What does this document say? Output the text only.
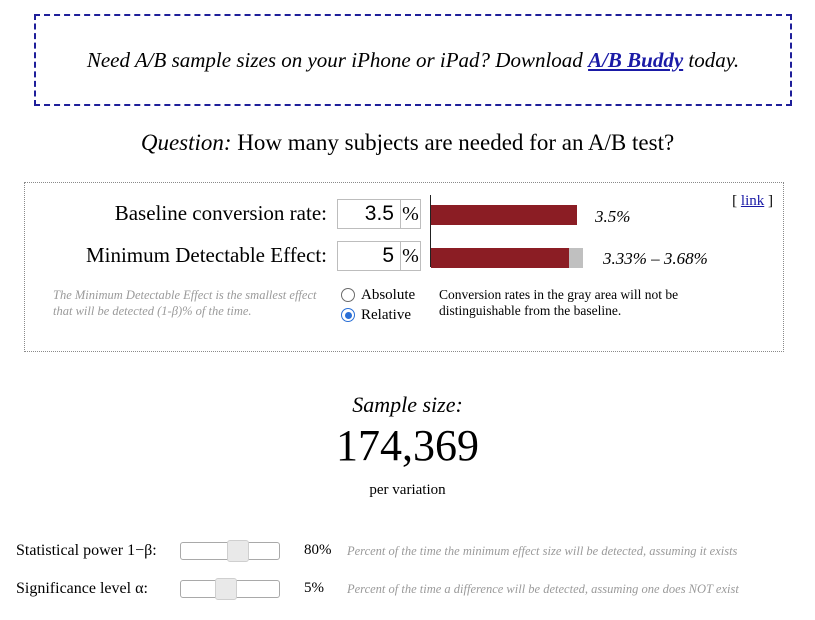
Need A/B sample sizes on your iPhone or iPad? Download A/B Buddy today.
Question: How many subjects are needed for an A/B test?
[ link ]
Baseline conversion rate:	3.5 %
Minimum Detectable Effect:	5 %
3.5%
3.33% – 3.68%
The Minimum Detectable Effect is the smallest effect that will be detected (1-β)% of the time.
Absolute
Relative
Conversion rates in the gray area will not be distinguishable from the baseline.
Sample size:
174,369
per variation
Statistical power 1−β:	80% Percent of the time the minimum effect size will be detected, assuming it exists
Significance level α:	5% Percent of the time a difference will be detected, assuming one does NOT exist
